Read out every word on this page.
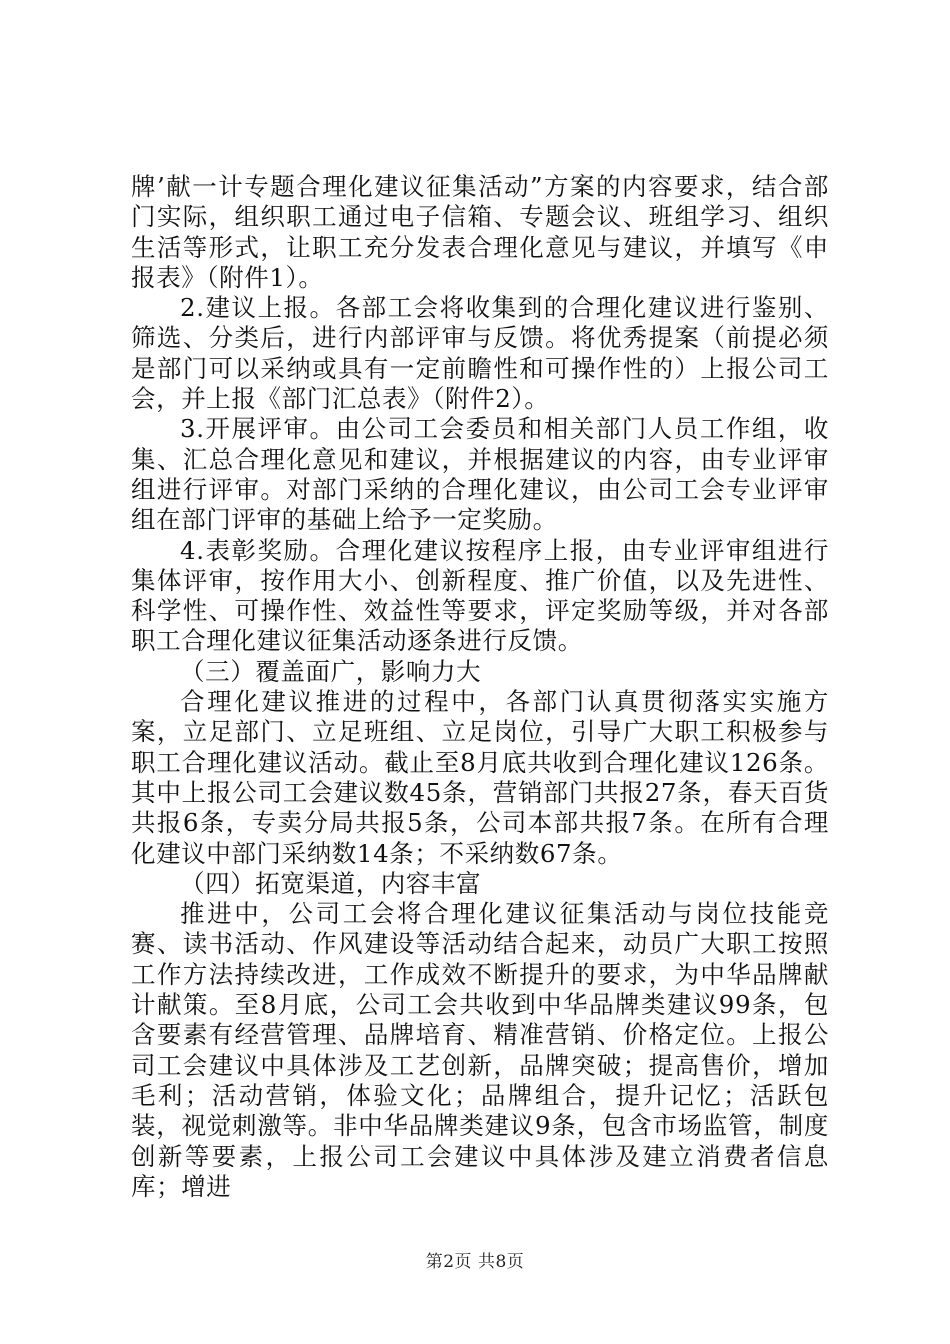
牌’献一计专题合理化建议征集活动”方案的内容要求，结合部门实际，组织职工通过电子信箱、专题会议、班组学习、组织生活等形式，让职工充分发表合理化意见与建议，并填写《申报表》（附件1）。

2.建议上报。各部工会将收集到的合理化建议进行鉴别、筛选、分类后，进行内部评审与反馈。将优秀提案（前提必须是部门可以采纳或具有一定前瞻性和可操作性的）上报公司工会，并上报《部门汇总表》（附件2）。

3.开展评审。由公司工会委员和相关部门人员工作组，收集、汇总合理化意见和建议，并根据建议的内容，由专业评审组进行评审。对部门采纳的合理化建议，由公司工会专业评审组在部门评审的基础上给予一定奖励。

4.表彰奖励。合理化建议按程序上报，由专业评审组进行集体评审，按作用大小、创新程度、推广价值，以及先进性、科学性、可操作性、效益性等要求，评定奖励等级，并对各部职工合理化建议征集活动逐条进行反馈。

（三）覆盖面广，影响力大

合理化建议推进的过程中，各部门认真贯彻落实实施方案，立足部门、立足班组、立足岗位，引导广大职工积极参与职工合理化建议活动。截止至8月底共收到合理化建议126条。其中上报公司工会建议数45条，营销部门共报27条，春天百货共报6条，专卖分局共报5条，公司本部共报7条。在所有合理化建议中部门采纳数14条；不采纳数67条。

（四）拓宽渠道，内容丰富

推进中，公司工会将合理化建议征集活动与岗位技能竞赛、读书活动、作风建设等活动结合起来，动员广大职工按照工作方法持续改进，工作成效不断提升的要求，为中华品牌献计献策。至8月底，公司工会共收到中华品牌类建议99条，包含要素有经营管理、品牌培育、精准营销、价格定位。上报公司工会建议中具体涉及工艺创新，品牌突破；提高售价，增加毛利；活动营销，体验文化；品牌组合，提升记忆；活跃包装，视觉刺激等。非中华品牌类建议9条，包含市场监管，制度创新等要素，上报公司工会建议中具体涉及建立消费者信息库；增进

第2页 共8页
